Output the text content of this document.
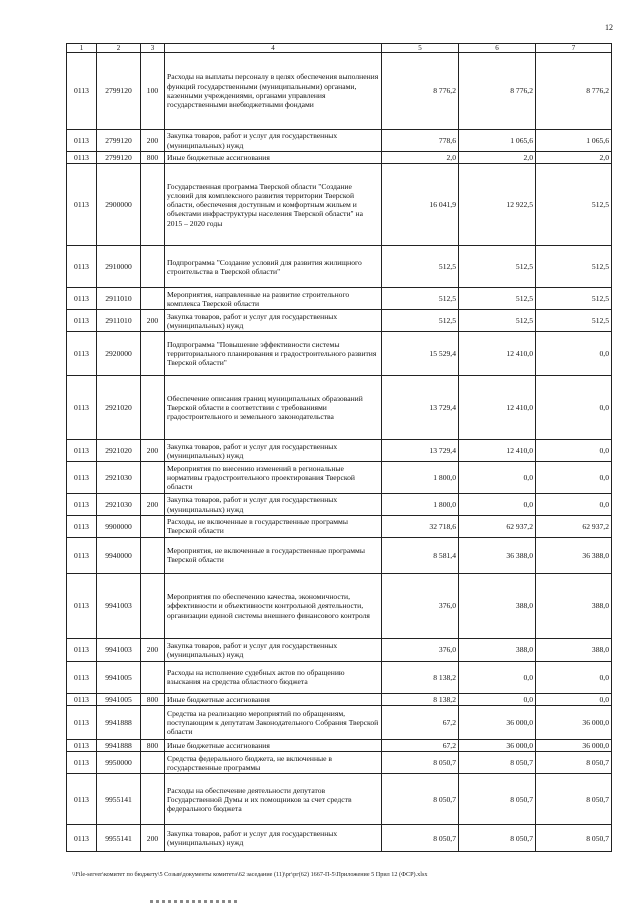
12
1	2	3	4	5	6	7
0113	2799120	100	Расходы на выплаты персоналу в целях обеспечения выполнения функций государственными (муниципальными) органами, казенными учреждениями, органами управления государственными внебюджетными фондами	8 776,2	8 776,2	8 776,2
0113	2799120	200	Закупка товаров, работ и услуг для государственных (муниципальных) нужд	778,6	1 065,6	1 065,6
0113	2799120	800	Иные бюджетные ассигнования	2,0	2,0	2,0
0113	2900000		Государственная программа Тверской области "Создание условий для комплексного развития территории Тверской области, обеспечения доступным и комфортным жильем и объектами инфраструктуры населения Тверской области" на 2015 – 2020 годы	16 041,9	12 922,5	512,5
0113	2910000		Подпрограмма "Создание условий для развития жилищного строительства в Тверской области"	512,5	512,5	512,5
0113	2911010		Мероприятия, направленные на развитие строительного комплекса Тверской области	512,5	512,5	512,5
0113	2911010	200	Закупка товаров, работ и услуг для государственных (муниципальных) нужд	512,5	512,5	512,5
0113	2920000		Подпрограмма "Повышение эффективности системы территориального планирования и градостроительного развития Тверской области"	15 529,4	12 410,0	0,0
0113	2921020		Обеспечение описания границ муниципальных образований Тверской области в соответствии с требованиями градостроительного и земельного законодательства	13 729,4	12 410,0	0,0
0113	2921020	200	Закупка товаров, работ и услуг для государственных (муниципальных) нужд	13 729,4	12 410,0	0,0
0113	2921030		Мероприятия по внесению изменений в региональные нормативы градостроительного проектирования Тверской области	1 800,0	0,0	0,0
0113	2921030	200	Закупка товаров, работ и услуг для государственных (муниципальных) нужд	1 800,0	0,0	0,0
0113	9900000		Расходы, не включенные в государственные программы Тверской области	32 718,6	62 937,2	62 937,2
0113	9940000		Мероприятия, не включенные в государственные программы Тверской области	8 581,4	36 388,0	36 388,0
0113	9941003		Мероприятия по обеспечению качества, экономичности, эффективности и объективности контрольной деятельности, организации единой системы внешнего финансового контроля	376,0	388,0	388,0
0113	9941003	200	Закупка товаров, работ и услуг для государственных (муниципальных) нужд	376,0	388,0	388,0
0113	9941005		Расходы на исполнение судебных актов по обращению взыскания на средства областного бюджета	8 138,2	0,0	0,0
0113	9941005	800	Иные бюджетные ассигнования	8 138,2	0,0	0,0
0113	9941888		Средства на реализацию мероприятий по обращениям, поступающим к депутатам Законодательного Собрания Тверской области	67,2	36 000,0	36 000,0
0113	9941888	800	Иные бюджетные ассигнования	67,2	36 000,0	36 000,0
0113	9950000		Средства федерального бюджета, не включенные в государственные программы	8 050,7	8 050,7	8 050,7
0113	9955141		Расходы на обеспечение деятельности депутатов Государственной Думы и их помощников за счет средств федерального бюджета	8 050,7	8 050,7	8 050,7
0113	9955141	200	Закупка товаров, работ и услуг для государственных (муниципальных) нужд	8 050,7	8 050,7	8 050,7
\\File-server\комитет по бюджету\5 Созыв\документы комитета\62 заседание (11)\рг\рг(62) 1667-П-5\Приложение 5 Прил 12 (ФСР).xlsx
